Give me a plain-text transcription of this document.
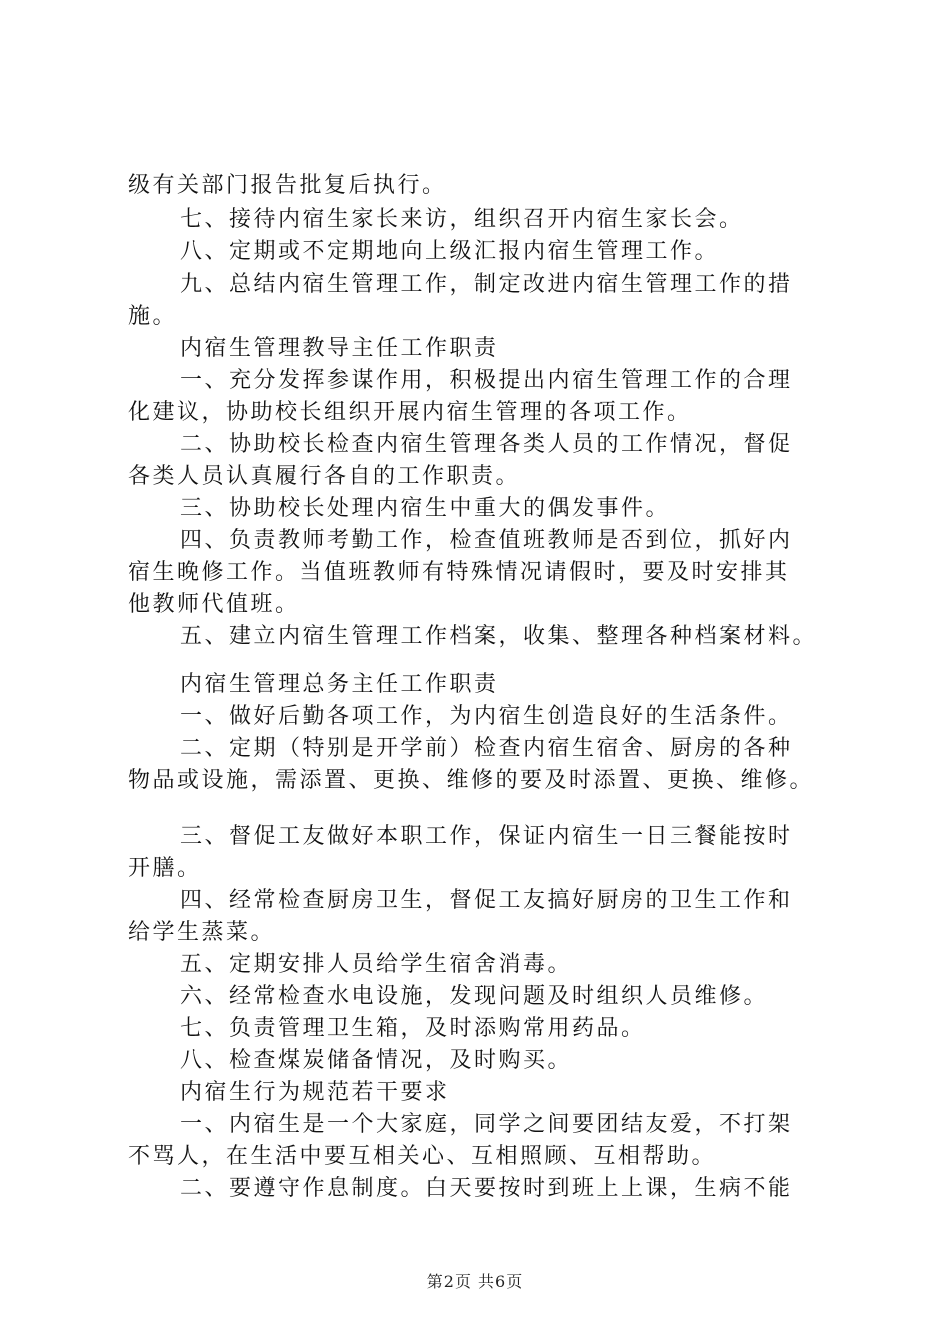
级有关部门报告批复后执行。
七、接待内宿生家长来访，组织召开内宿生家长会。
八、定期或不定期地向上级汇报内宿生管理工作。
九、总结内宿生管理工作，制定改进内宿生管理工作的措
施。
内宿生管理教导主任工作职责
一、充分发挥参谋作用，积极提出内宿生管理工作的合理
化建议，协助校长组织开展内宿生管理的各项工作。
二、协助校长检查内宿生管理各类人员的工作情况，督促
各类人员认真履行各自的工作职责。
三、协助校长处理内宿生中重大的偶发事件。
四、负责教师考勤工作，检查值班教师是否到位，抓好内
宿生晚修工作。当值班教师有特殊情况请假时，要及时安排其
他教师代值班。
五、建立内宿生管理工作档案，收集、整理各种档案材料。
内宿生管理总务主任工作职责
一、做好后勤各项工作，为内宿生创造良好的生活条件。
二、定期（特别是开学前）检查内宿生宿舍、厨房的各种
物品或设施，需添置、更换、维修的要及时添置、更换、维修。
三、督促工友做好本职工作，保证内宿生一日三餐能按时
开膳。
四、经常检查厨房卫生，督促工友搞好厨房的卫生工作和
给学生蒸菜。
五、定期安排人员给学生宿舍消毒。
六、经常检查水电设施，发现问题及时组织人员维修。
七、负责管理卫生箱，及时添购常用药品。
八、检查煤炭储备情况，及时购买。
内宿生行为规范若干要求
一、内宿生是一个大家庭，同学之间要团结友爱，不打架
不骂人，在生活中要互相关心、互相照顾、互相帮助。
二、要遵守作息制度。白天要按时到班上上课，生病不能
第2页 共6页
